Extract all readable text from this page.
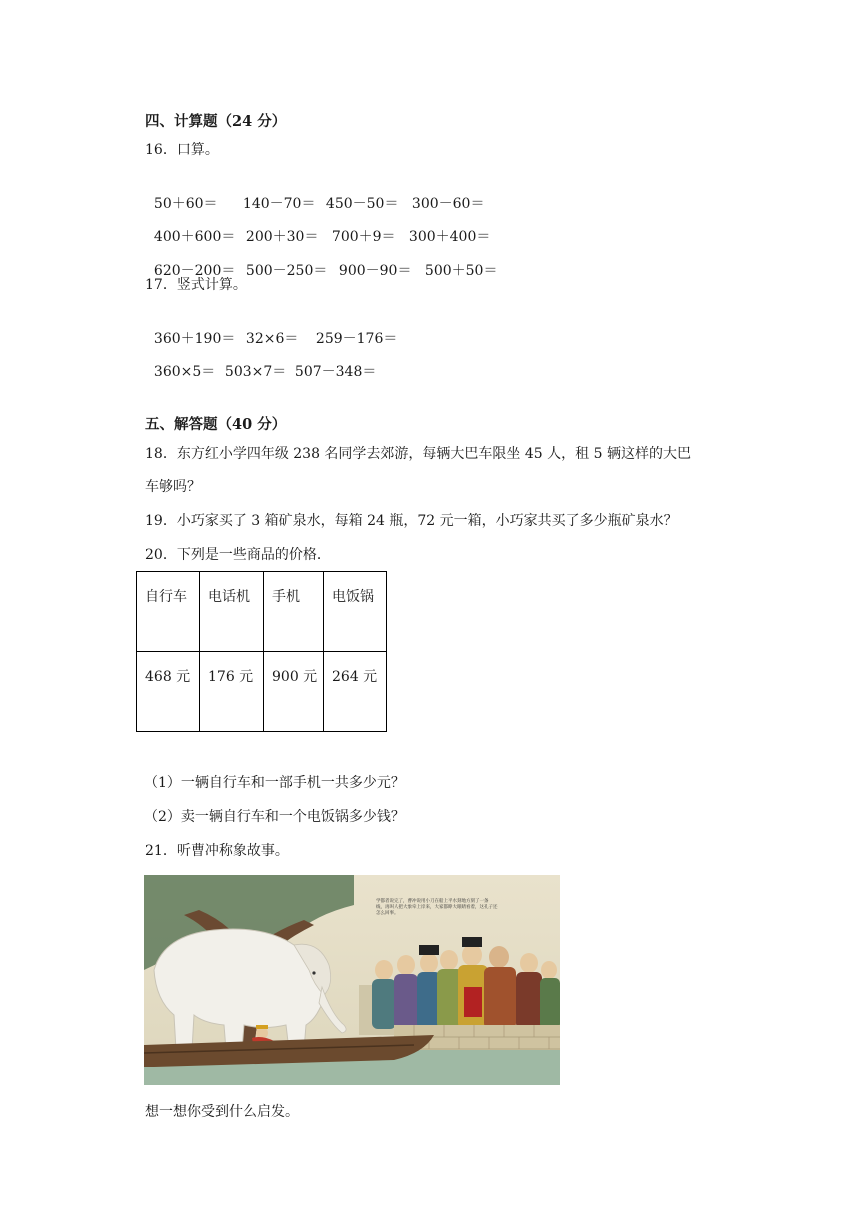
四、计算题（24 分）
16．口算。

50＋60＝ 140－70＝ 450－50＝ 300－60＝

400＋600＝ 200＋30＝ 700＋9＝ 300＋400＝

620－200＝ 500－250＝ 900－90＝ 500＋50＝

17．竖式计算。

360＋190＝ 32×6＝ 259－176＝

360×5＝ 503×7＝ 507－348＝

五、解答题（40 分）
18．东方红小学四年级 238 名同学去郊游，每辆大巴车限坐 45 人，租 5 辆这样的大巴
车够吗？
19．小巧家买了 3 箱矿泉水，每箱 24 瓶，72 元一箱，小巧家共买了多少瓶矿泉水？
20．下列是一些商品的价格．
自行车	电话机	手机	电饭锅
468 元	176 元	900 元	264 元
（1）一辆自行车和一部手机一共多少元？
（2）卖一辆自行车和一个电饭锅多少钱？
21．听曹冲称象故事。
学都者说完了，曹冲说用小刀在船上平水刻地方刻了一条
线，再叫人把大象牵上岸来，大家都睁大眼睛看着，这孔子还
怎么回事。
想一想你受到什么启发。
